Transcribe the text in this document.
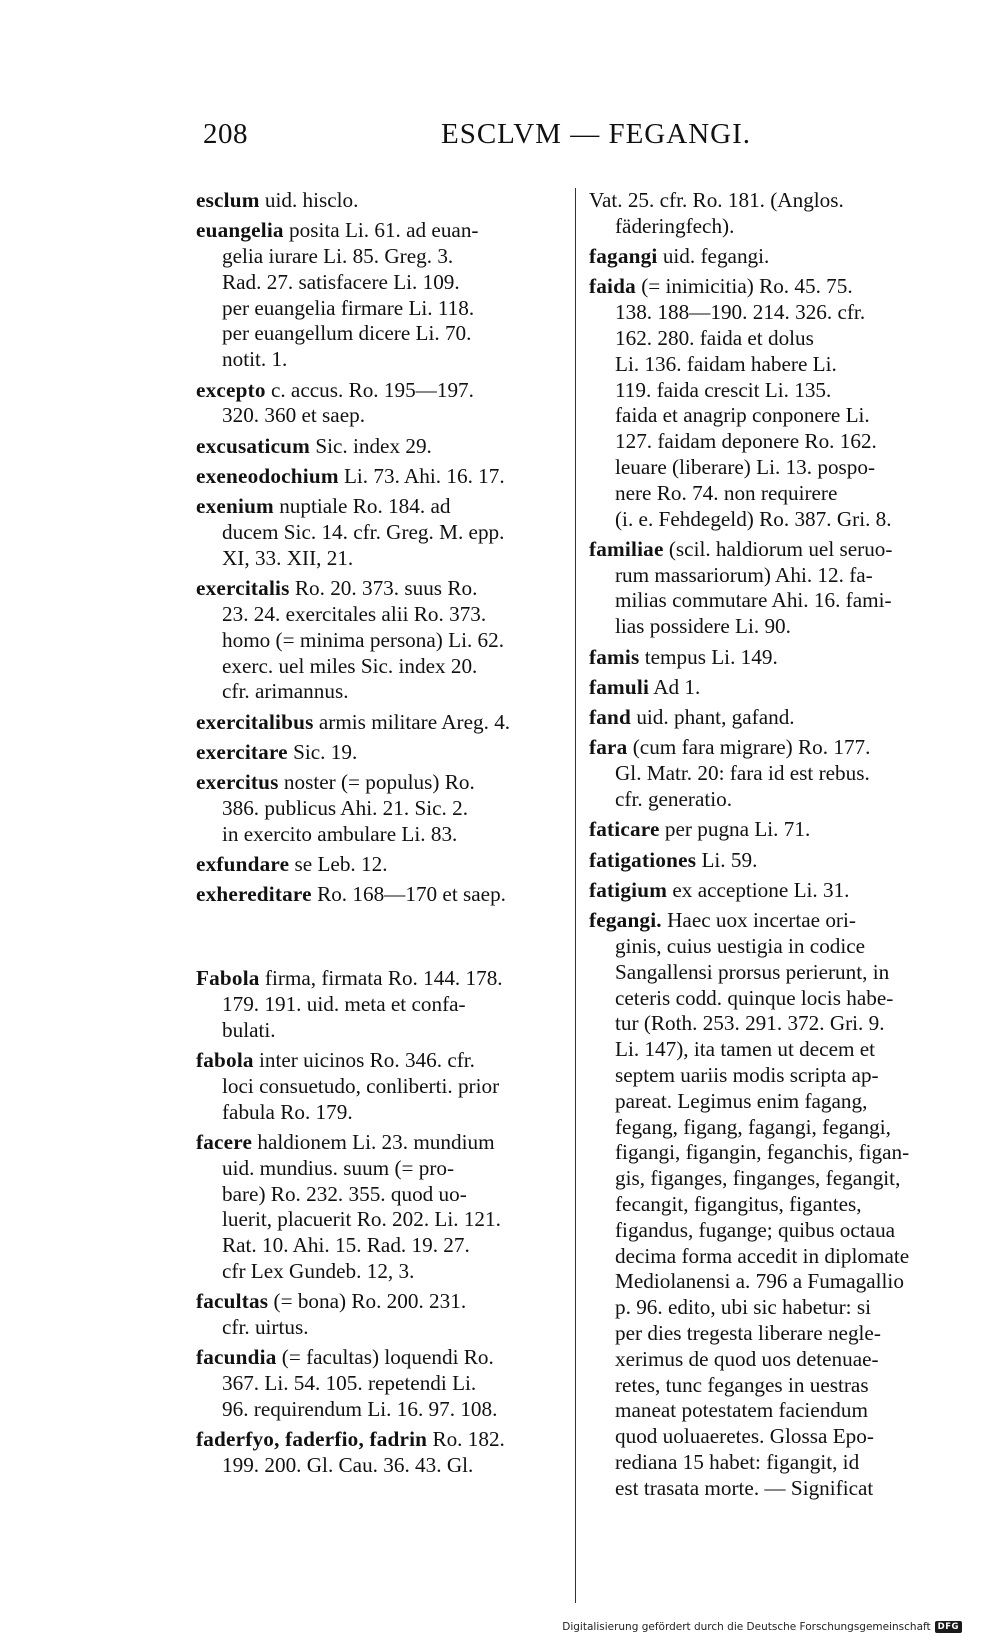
208	ESCLVM — FEGANGI.

esclum uid. hisclo.

euangelia posita Li. 61. ad euan-
gelia iurare Li. 85. Greg. 3.
Rad. 27. satisfacere Li. 109.
per euangelia firmare Li. 118.
per euangellum dicere Li. 70.
notit. 1.

excepto c. accus. Ro. 195—197.
320. 360 et saep.

excusaticum Sic. index 29.

exeneodochium Li. 73. Ahi. 16. 17.

exenium nuptiale Ro. 184. ad
ducem Sic. 14. cfr. Greg. M. epp.
XI, 33. XII, 21.

exercitalis Ro. 20. 373. suus Ro.
23. 24. exercitales alii Ro. 373.
homo (= minima persona) Li. 62.
exerc. uel miles Sic. index 20.
cfr. arimannus.

exercitalibus armis militare Areg. 4.

exercitare Sic. 19.

exercitus noster (= populus) Ro.
386. publicus Ahi. 21. Sic. 2.
in exercito ambulare Li. 83.

exfundare se Leb. 12.

exhereditare Ro. 168—170 et saep.

Fabola firma, firmata Ro. 144. 178.
179. 191. uid. meta et confa-
bulati.

fabola inter uicinos Ro. 346. cfr.
loci consuetudo, conliberti. prior
fabula Ro. 179.

facere haldionem Li. 23. mundium
uid. mundius. suum (= pro-
bare) Ro. 232. 355. quod uo-
luerit, placuerit Ro. 202. Li. 121.
Rat. 10. Ahi. 15. Rad. 19. 27.
cfr Lex Gundeb. 12, 3.

facultas (= bona) Ro. 200. 231.
cfr. uirtus.

facundia (= facultas) loquendi Ro.
367. Li. 54. 105. repetendi Li.
96. requirendum Li. 16. 97. 108.

faderfyo, faderfio, fadrin Ro. 182.
199. 200. Gl. Cau. 36. 43. Gl.

Vat. 25. cfr. Ro. 181. (Anglos.
fäderingfech).

fagangi uid. fegangi.

faida (= inimicitia) Ro. 45. 75.
138. 188—190. 214. 326. cfr.
162. 280. faida et dolus
Li. 136. faidam habere Li.
119. faida crescit Li. 135.
faida et anagrip conponere Li.
127. faidam deponere Ro. 162.
leuare (liberare) Li. 13. pospo-
nere Ro. 74. non requirere
(i. e. Fehdegeld) Ro. 387. Gri. 8.

familiae (scil. haldiorum uel seruo-
rum massariorum) Ahi. 12. fa-
milias commutare Ahi. 16. fami-
lias possidere Li. 90.

famis tempus Li. 149.

famuli Ad 1.

fand uid. phant, gafand.

fara (cum fara migrare) Ro. 177.
Gl. Matr. 20: fara id est rebus.
cfr. generatio.

faticare per pugna Li. 71.

fatigationes Li. 59.

fatigium ex acceptione Li. 31.

fegangi. Haec uox incertae ori-
ginis, cuius uestigia in codice
Sangallensi prorsus perierunt, in
ceteris codd. quinque locis habe-
tur (Roth. 253. 291. 372. Gri. 9.
Li. 147), ita tamen ut decem et
septem uariis modis scripta ap-
pareat. Legimus enim fagang,
fegang, figang, fagangi, fegangi,
figangi, figangin, feganchis, figan-
gis, figanges, finganges, fegangit,
fecangit, figangitus, figantes,
figandus, fugange; quibus octaua
decima forma accedit in diplomate
Mediolanensi a. 796 a Fumagallio
p. 96. edito, ubi sic habetur: si
per dies tregesta liberare negle-
xerimus de quod uos detenuae-
retes, tunc feganges in uestras
maneat potestatem faciendum
quod uoluaeretes. Glossa Epo-
rediana 15 habet: figangit, id
est trasata morte. — Significat

Digitalisierung gefördert durch die Deutsche Forschungsgemeinschaft DFG
